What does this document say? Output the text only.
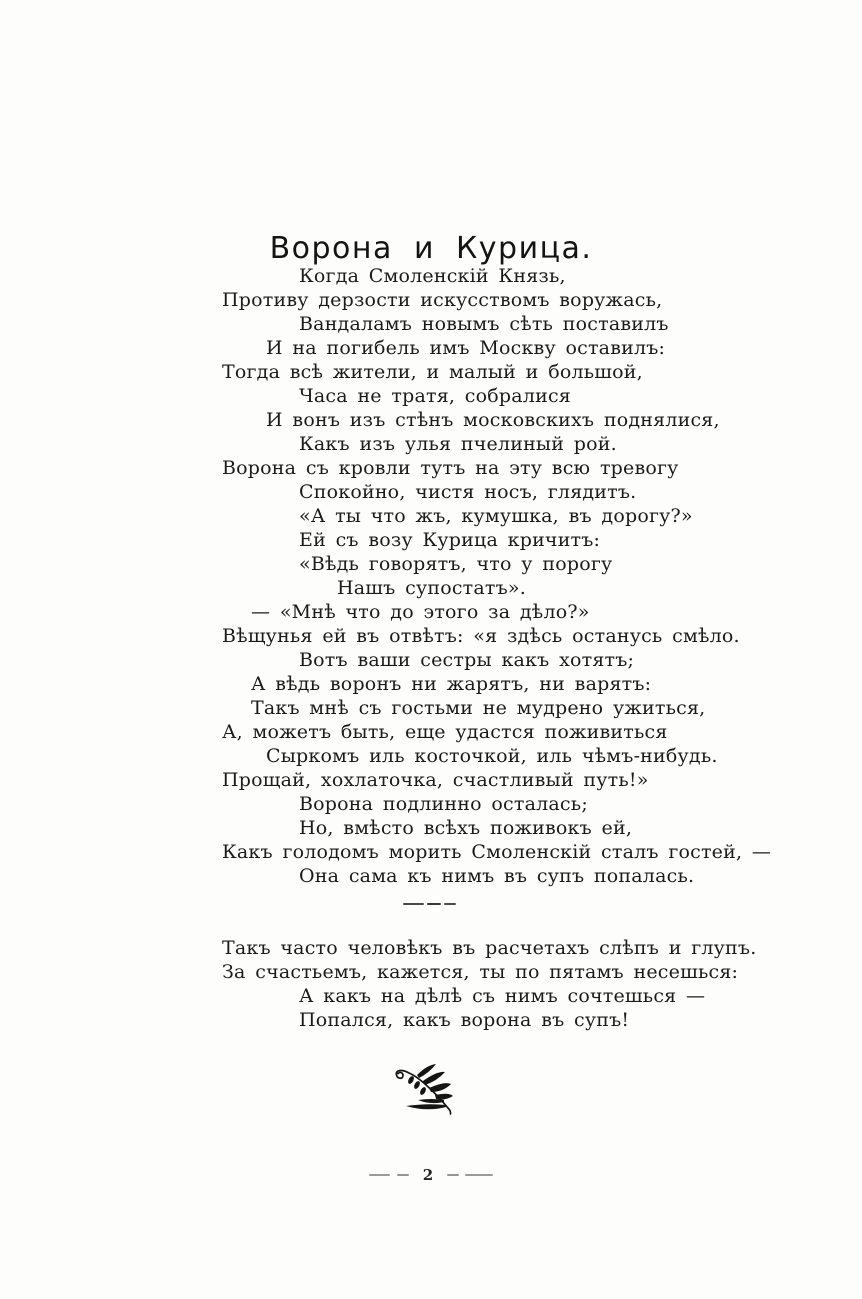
Ворона и Курица.
Когда Смоленскій Князь,
Противу дерзости искусствомъ воружась,
Вандаламъ новымъ сѣть поставилъ
И на погибель имъ Москву оставилъ:
Тогда всѣ жители, и малый и большой,
Часа не тратя, собралися
И вонъ изъ стѣнъ московскихъ поднялися,
Какъ изъ улья пчелиный рой.
Ворона съ кровли тутъ на эту всю тревогу
Спокойно, чистя носъ, глядитъ.
«А ты что жъ, кумушка, въ дорогу?»
Ей съ возу Курица кричитъ:
«Вѣдь говорятъ, что у порогу
Нашъ супостатъ».
— «Мнѣ что до этого за дѣло?»
Вѣщунья ей въ отвѣтъ: «я здѣсь останусь смѣло.
Вотъ ваши сестры какъ хотятъ;
А вѣдь воронъ ни жарятъ, ни варятъ:
Такъ мнѣ съ гостьми не мудрено ужиться,
А, можетъ быть, еще удастся поживиться
Сыркомъ иль косточкой, иль чѣмъ-нибудь.
Прощай, хохлаточка, счастливый путь!»
Ворона подлинно осталась;
Но, вмѣсто всѣхъ поживокъ ей,
Какъ голодомъ морить Смоленскій сталъ гостей, —
Она сама къ нимъ въ супъ попалась.
Такъ часто человѣкъ въ расчетахъ слѣпъ и глупъ.
За счастьемъ, кажется, ты по пятамъ несешься:
А какъ на дѣлѣ съ нимъ сочтешься —
Попался, какъ ворона въ супъ!
2
